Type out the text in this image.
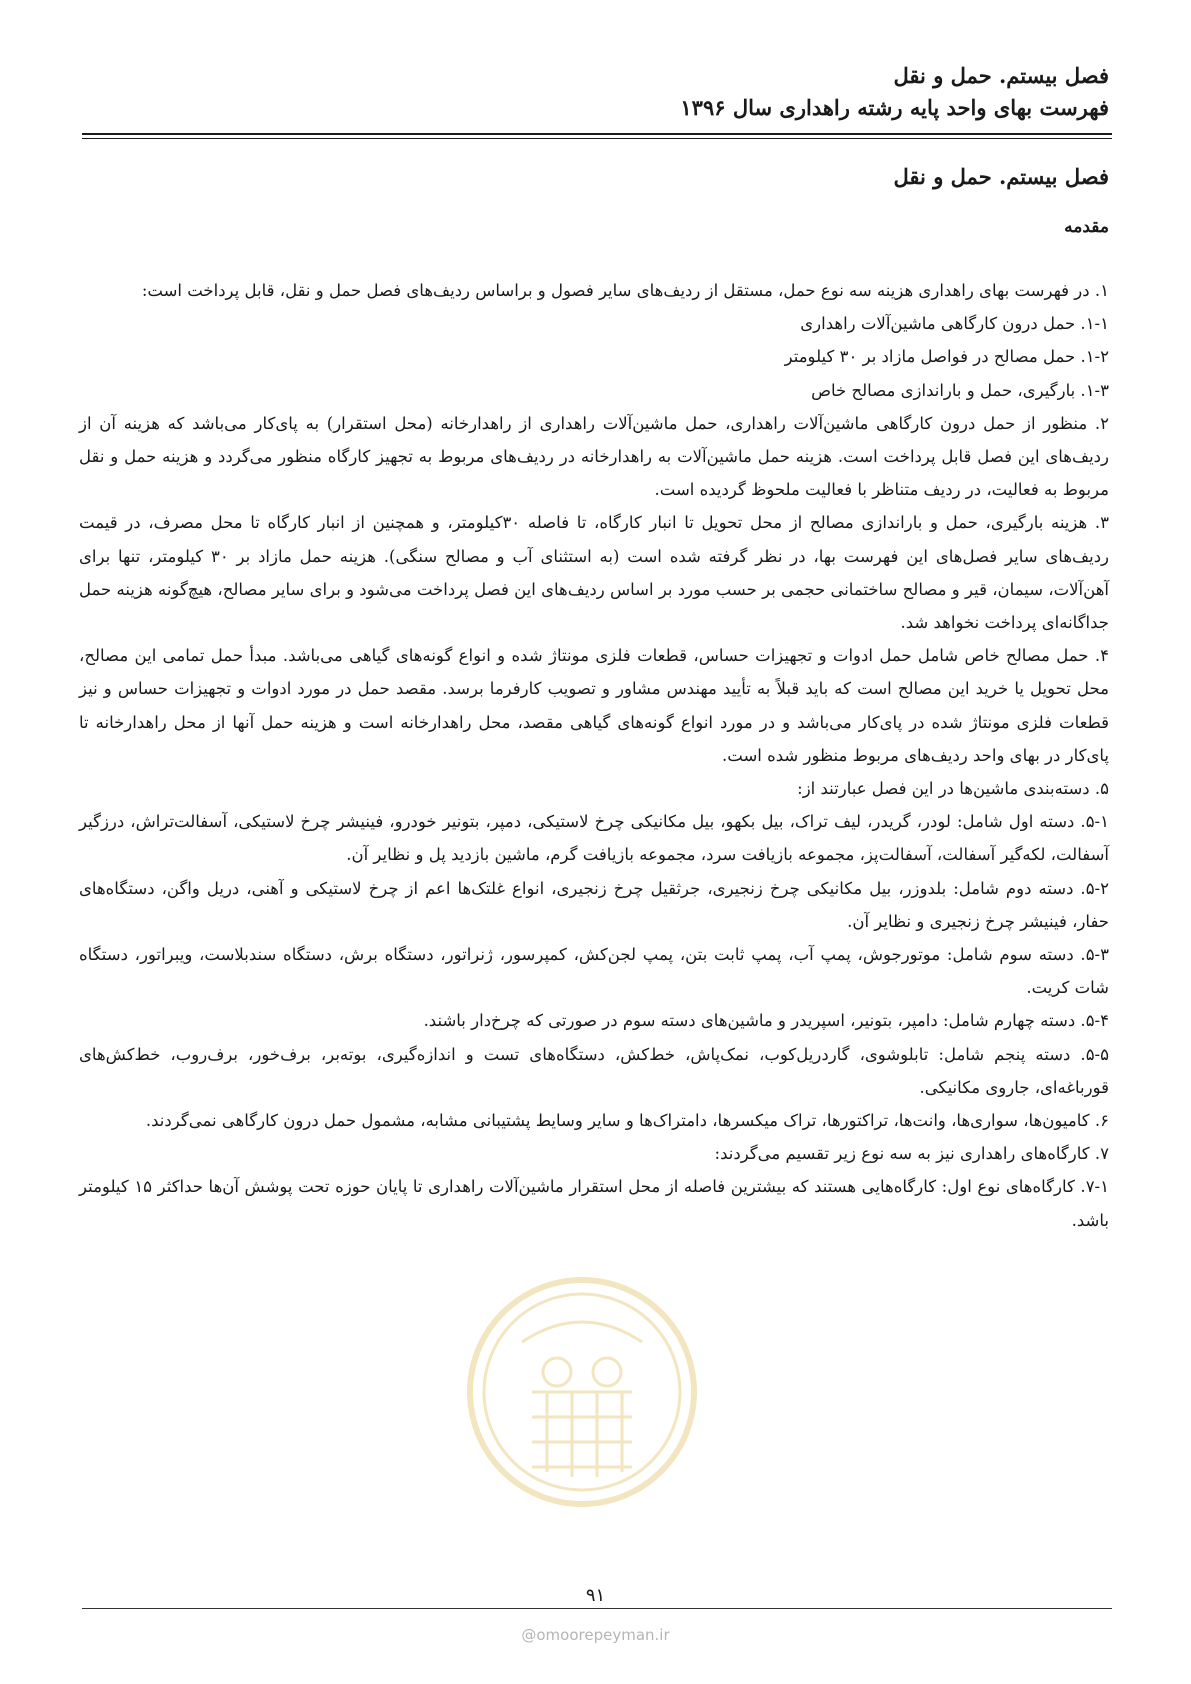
فصل بیستم. حمل و نقل
فهرست بهای واحد پایه رشته راهداری سال ۱۳۹۶
فصل بیستم. حمل و نقل
مقدمه

۱. در فهرست بهای راهداری هزینه سه نوع حمل، مستقل از ردیف‌های سایر فصول و براساس ردیف‌های فصل حمل و نقل، قابل پرداخت است:

۱-۱. حمل درون کارگاهی ماشین‌آلات راهداری

۱-۲. حمل مصالح در فواصل مازاد بر ۳۰ کیلومتر

۱-۳. بارگیری، حمل و باراندازی مصالح خاص

۲. منظور از حمل درون کارگاهی ماشین‌آلات راهداری، حمل ماشین‌آلات راهداری از راهدارخانه (محل استقرار) به پای‌کار می‌باشد که هزینه آن از ردیف‌های این فصل قابل پرداخت است. هزینه حمل ماشین‌آلات به راهدارخانه در ردیف‌های مربوط به تجهیز کارگاه منظور می‌گردد و هزینه حمل و نقل مربوط به فعالیت، در ردیف متناظر با فعالیت ملحوظ گردیده است.

۳. هزینه بارگیری، حمل و باراندازی مصالح از محل تحویل تا انبار کارگاه، تا فاصله ۳۰کیلومتر، و همچنین از انبار کارگاه تا محل مصرف، در قیمت ردیف‌های سایر فصل‌های این فهرست بها، در نظر گرفته شده است (به استثنای آب و مصالح سنگی). هزینه حمل مازاد بر ۳۰ کیلومتر، تنها برای آهن‌آلات، سیمان، قیر و مصالح ساختمانی حجمی بر حسب مورد بر اساس ردیف‌های این فصل پرداخت می‌شود و برای سایر مصالح، هیچ‌گونه هزینه حمل جداگانه‌ای پرداخت نخواهد شد.

۴. حمل مصالح خاص شامل حمل ادوات و تجهیزات حساس، قطعات فلزی مونتاژ شده و انواع گونه‌های گیاهی می‌باشد. مبدأ حمل تمامی این مصالح، محل تحویل یا خرید این مصالح است که باید قبلاً به تأیید مهندس مشاور و تصویب کارفرما برسد. مقصد حمل در مورد ادوات و تجهیزات حساس و نیز قطعات فلزی مونتاژ شده در پای‌کار می‌باشد و در مورد انواع گونه‌های گیاهی مقصد، محل راهدارخانه است و هزینه حمل آنها از محل راهدارخانه تا پای‌کار در بهای واحد ردیف‌های مربوط منظور شده است.

۵. دسته‌بندی ماشین‌ها در این فصل عبارتند از:

۵-۱. دسته اول شامل: لودر، گریدر، لیف تراک، بیل بکهو، بیل مکانیکی چرخ لاستیکی، دمپر، بتونیر خودرو، فینیشر چرخ لاستیکی، آسفالت‌تراش، درزگیر آسفالت، لکه‌گیر آسفالت، آسفالت‌پز، مجموعه بازیافت سرد، مجموعه بازیافت گرم، ماشین بازدید پل و نظایر آن.

۵-۲. دسته دوم شامل: بلدوزر، بیل مکانیکی چرخ زنجیری، جرثقیل چرخ زنجیری، انواع غلتک‌ها اعم از چرخ لاستیکی و آهنی، دریل واگن، دستگاه‌های حفار، فینیشر چرخ زنجیری و نظایر آن.

۵-۳. دسته سوم شامل: موتورجوش، پمپ آب، پمپ ثابت بتن، پمپ لجن‌کش، کمپرسور، ژنراتور، دستگاه برش، دستگاه سندبلاست، ویبراتور، دستگاه شات کریت.

۵-۴. دسته چهارم شامل: دامپر، بتونیر، اسپریدر و ماشین‌های دسته سوم در صورتی که چرخ‌دار باشند.

۵-۵. دسته پنجم شامل: تابلوشوی، گاردریل‌کوب، نمک‌پاش، خط‌کش، دستگاه‌های تست و اندازه‌گیری، بوته‌بر، برف‌خور، برف‌روب، خط‌کش‌های قورباغه‌ای، جاروی مکانیکی.

۶. کامیون‌ها، سواری‌ها، وانت‌ها، تراکتورها، تراک میکسرها، دامتراک‌ها و سایر وسایط پشتیبانی مشابه، مشمول حمل درون کارگاهی نمی‌گردند.

۷. کارگاه‌های راهداری نیز به سه نوع زیر تقسیم می‌گردند:

۷-۱. کارگاه‌های نوع اول: کارگاه‌هایی هستند که بیشترین فاصله از محل استقرار ماشین‌آلات راهداری تا پایان حوزه تحت پوشش آن‌ها حداکثر ۱۵ کیلومتر باشد.

۹۱
@omoorepeyman.ir
